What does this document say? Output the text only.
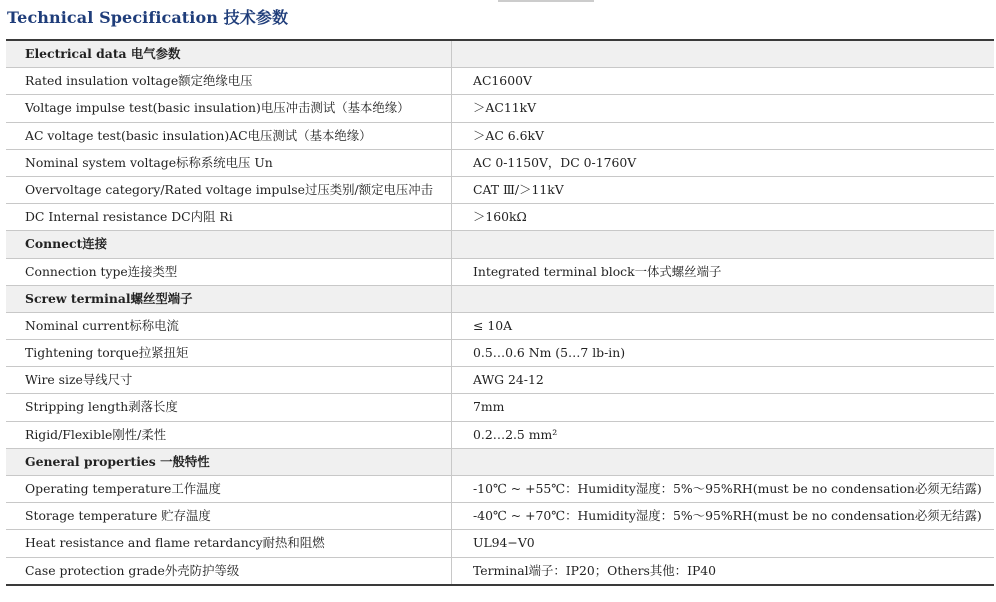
Technical Specification 技术参数
Electrical data 电气参数
Rated insulation voltage额定绝缘电压	AC1600V
Voltage impulse test(basic insulation)电压冲击测试（基本绝缘）	＞AC11kV
AC voltage test(basic insulation)AC电压测试（基本绝缘）	＞AC 6.6kV
Nominal system voltage标称系统电压 Un	AC 0-1150V，DC 0-1760V
Overvoltage category/Rated voltage impulse过压类别/额定电压冲击	CAT Ⅲ/＞11kV
DC Internal resistance DC内阻 Ri	＞160kΩ
Connect连接
Connection type连接类型	Integrated terminal block一体式螺丝端子
Screw terminal螺丝型端子
Nominal current标称电流	≤ 10A
Tightening torque拉紧扭矩	0.5…0.6 Nm (5…7 lb-in)
Wire size导线尺寸	AWG 24-12
Stripping length剥落长度	7mm
Rigid/Flexible刚性/柔性	0.2…2.5 mm²
General properties 一般特性
Operating temperature工作温度	-10℃ ~ +55℃：Humidity湿度：5%～95%RH(must be no condensation必须无结露)
Storage temperature 贮存温度	-40℃ ~ +70℃：Humidity湿度：5%～95%RH(must be no condensation必须无结露)
Heat resistance and flame retardancy耐热和阻燃	UL94−V0
Case protection grade外壳防护等级	Terminal端子：IP20；Others其他：IP40
